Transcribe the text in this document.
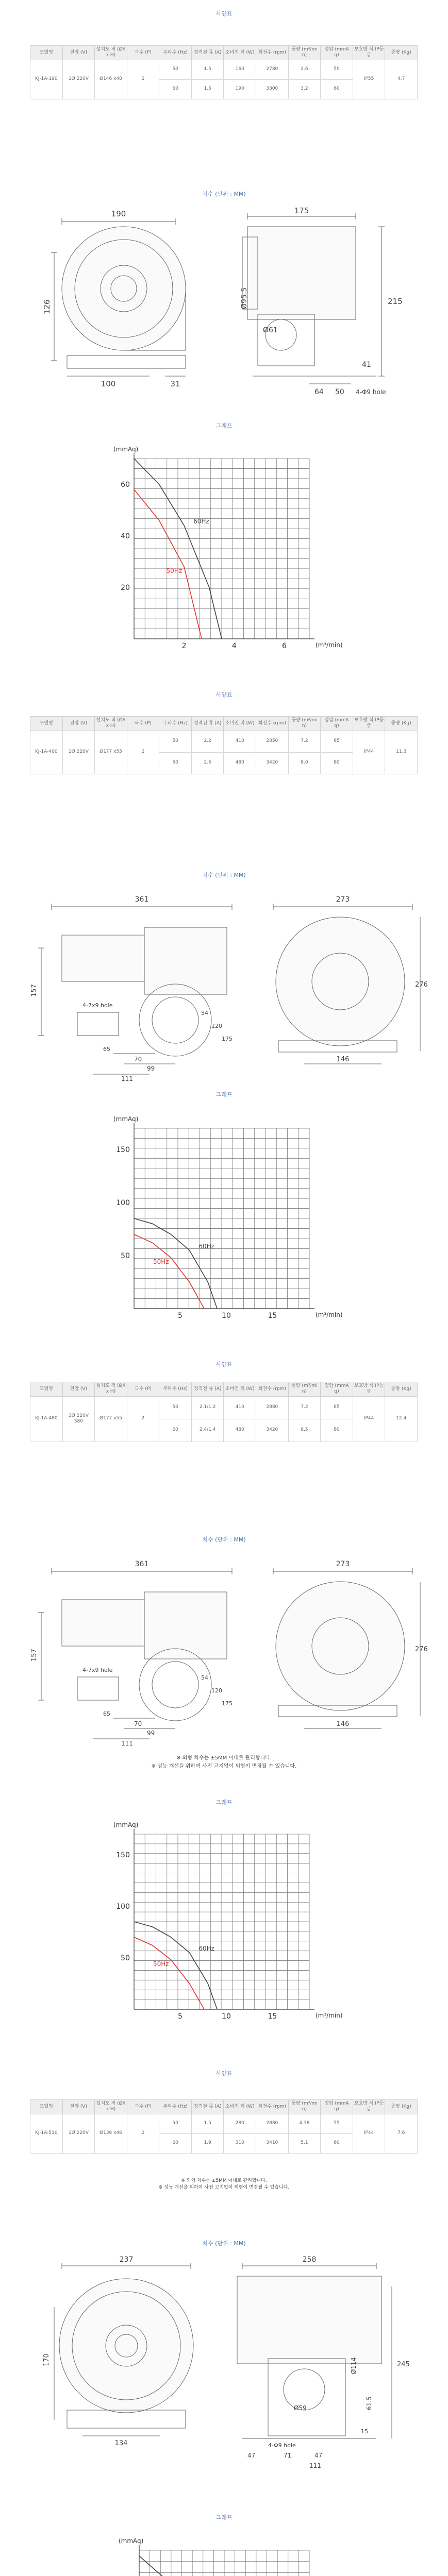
사양표
모델명	전압 (V)	설치도 적 (Ø/l x H)	극수 (P)	주파수 (Hz)	정격전 류 (A)	소비전 력 (W)	회전수 (rpm)	풍량 (m³/mi n)	정압 (mmA q)	보호방 식 IP등급	중량 (Kg)
KJ-1A-190	1Ø 220V	Ø146 x40	2	50	1.5	160	2780	2.6	50	IP55	4.7
				60	1.5	190	3300	3.2	60		
치수 (단위 : MM)
190
126
100	31
175
215
Ø95.5
Ø61
64 50 4-Φ9 hole
41
그래프
(mmAq)
(m³/min)
20
40
60
2	4	6
60Hz
50Hz
사양표
모델명	전압 (V)	설치도 적 (Ø/l x H)	극수 (P)	주파수 (Hz)	정격전 류 (A)	소비전 력 (W)	회전수 (rpm)	풍량 (m³/mi n)	정압 (mmA q)	보호방 식 IP등급	중량 (Kg)
KJ-1A-400	1Ø 220V	Ø177 x55	2	50	2.2	410	2850	7.2	65	IP44	11.3
				60	2.6	480	3420	8.0	80		
치수 (단위 : MM)
361
157
4-7x9 hole
70
99
111
273
276
146
54
120
175
65
그래프
(mmAq)
(m³/min)
50
100
150
5	10	15
60Hz
50Hz
사양표
모델명	전압 (V)	설치도 적 (Ø/l x H)	극수 (P)	주파수 (Hz)	정격전 류 (A)	소비전 력 (W)	회전수 (rpm)	풍량 (m³/mi n)	정압 (mmA q)	보호방 식 IP등급	중량 (Kg)
KJ-1A-480	3Ø 220V 380	Ø177 x55	2	50	2.1/1.2	410	2880	7.2	65	IP44	12.4
				60	2.4/1.4	480	3420	8.5	80		
치수 (단위 : MM)
361
157
4-7x9 hole
70
99
111
273
276
146
54
120
175
65
※ 외형 치수는 ±5MM 이내로 관리합니다.
※ 성능 개선을 위하여 사전 고지없이 외형이 변경될 수 있습니다.
그래프
(mmAq)
(m³/min)
50
100
150
5	10	15
60Hz
50Hz
사양표
모델명	전압 (V)	설치도 적 (Ø/l x H)	극수 (P)	주파수 (Hz)	정격전 류 (A)	소비전 력 (W)	회전수 (rpm)	풍량 (m³/mi n)	정압 (mmA q)	보호방 식 IP등급	중량 (Kg)
KJ-1A-510	1Ø 220V	Ø136 x46	2	50	1.5	280	2880	4.18	55	IP44	7.6
				60	1.9	310	3410	5.1	60		
※ 외형 치수는 ±5MM 이내로 관리합니다.
※ 성능 개선을 위하여 사전 고지없이 외형이 변경될 수 있습니다.
치수 (단위 : MM)
237
170
134
258
245
4-Φ9 hole
71	47
111
47
Ø114
Ø59	61.5
15
그래프
(mmAq)
